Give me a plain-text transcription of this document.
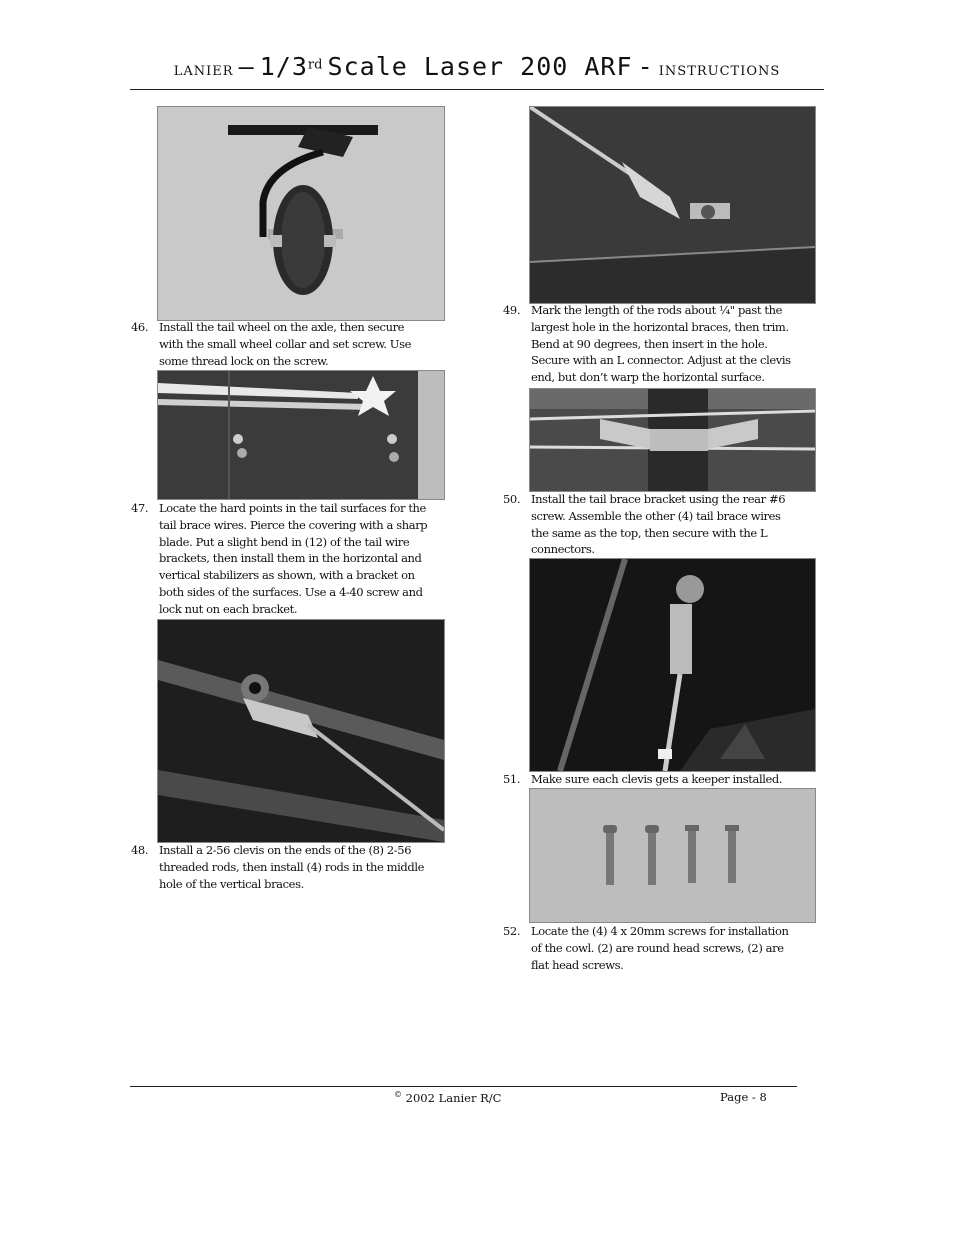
LANIER – 1/3rd Scale Laser 200 ARF - INSTRUCTIONS
46. Install the tail wheel on the axle, then secure
with the small wheel collar and set screw. Use
some thread lock on the screw.
47. Locate the hard points in the tail surfaces for the
tail brace wires. Pierce the covering with a sharp
blade. Put a slight bend in (12) of the tail wire
brackets, then install them in the horizontal and
vertical stabilizers as shown, with a bracket on
both sides of the surfaces. Use a 4-40 screw and
lock nut on each bracket.
48. Install a 2-56 clevis on the ends of the (8) 2-56
threaded rods, then install (4) rods in the middle
hole of the vertical braces.
49. Mark the length of the rods about ¼" past the
largest hole in the horizontal braces, then trim.
Bend at 90 degrees, then insert in the hole.
Secure with an L connector. Adjust at the clevis
end, but don’t warp the horizontal surface.
50. Install the tail brace bracket using the rear #6
screw. Assemble the other (4) tail brace wires
the same as the top, then secure with the L
connectors.
51. Make sure each clevis gets a keeper installed.
52. Locate the (4) 4 x 20mm screws for installation
of the cowl. (2) are round head screws, (2) are
flat head screws.
© 2002 Lanier R/C	Page - 8
